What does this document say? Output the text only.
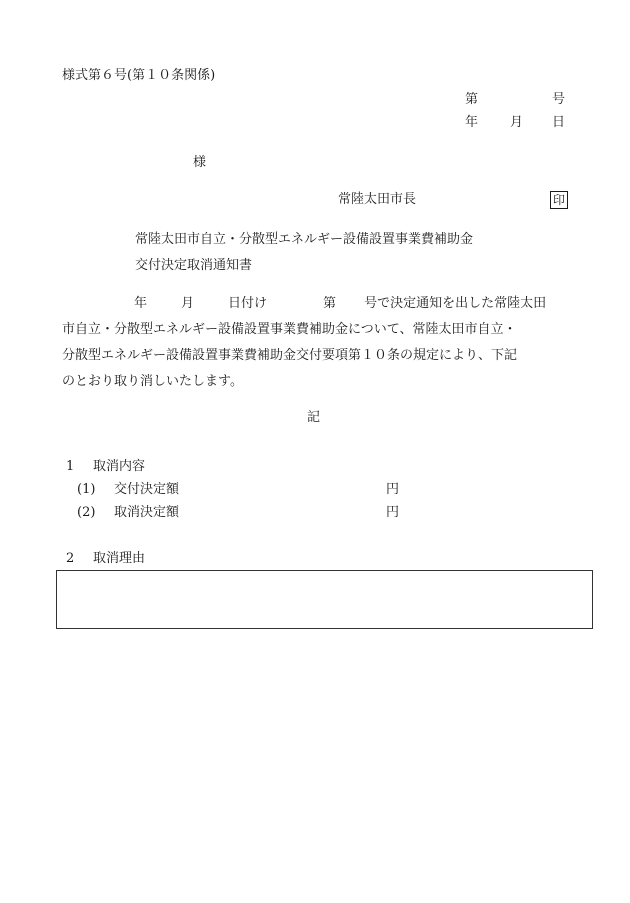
様式第６号(第１０条関係)
第	号
年 月 日
様
常陸太田市長	印
常陸太田市自立・分散型エネルギー設備設置事業費補助金
交付決定取消通知書
年	月	日付け	第 号で決定通知を出した常陸太田
市自立・分散型エネルギー設備設置事業費補助金について、常陸太田市自立・
分散型エネルギー設備設置事業費補助金交付要項第１０条の規定により、下記
のとおり取り消しいたします。
記
1 取消内容
(1) 交付決定額	円
(2) 取消決定額	円
2 取消理由
